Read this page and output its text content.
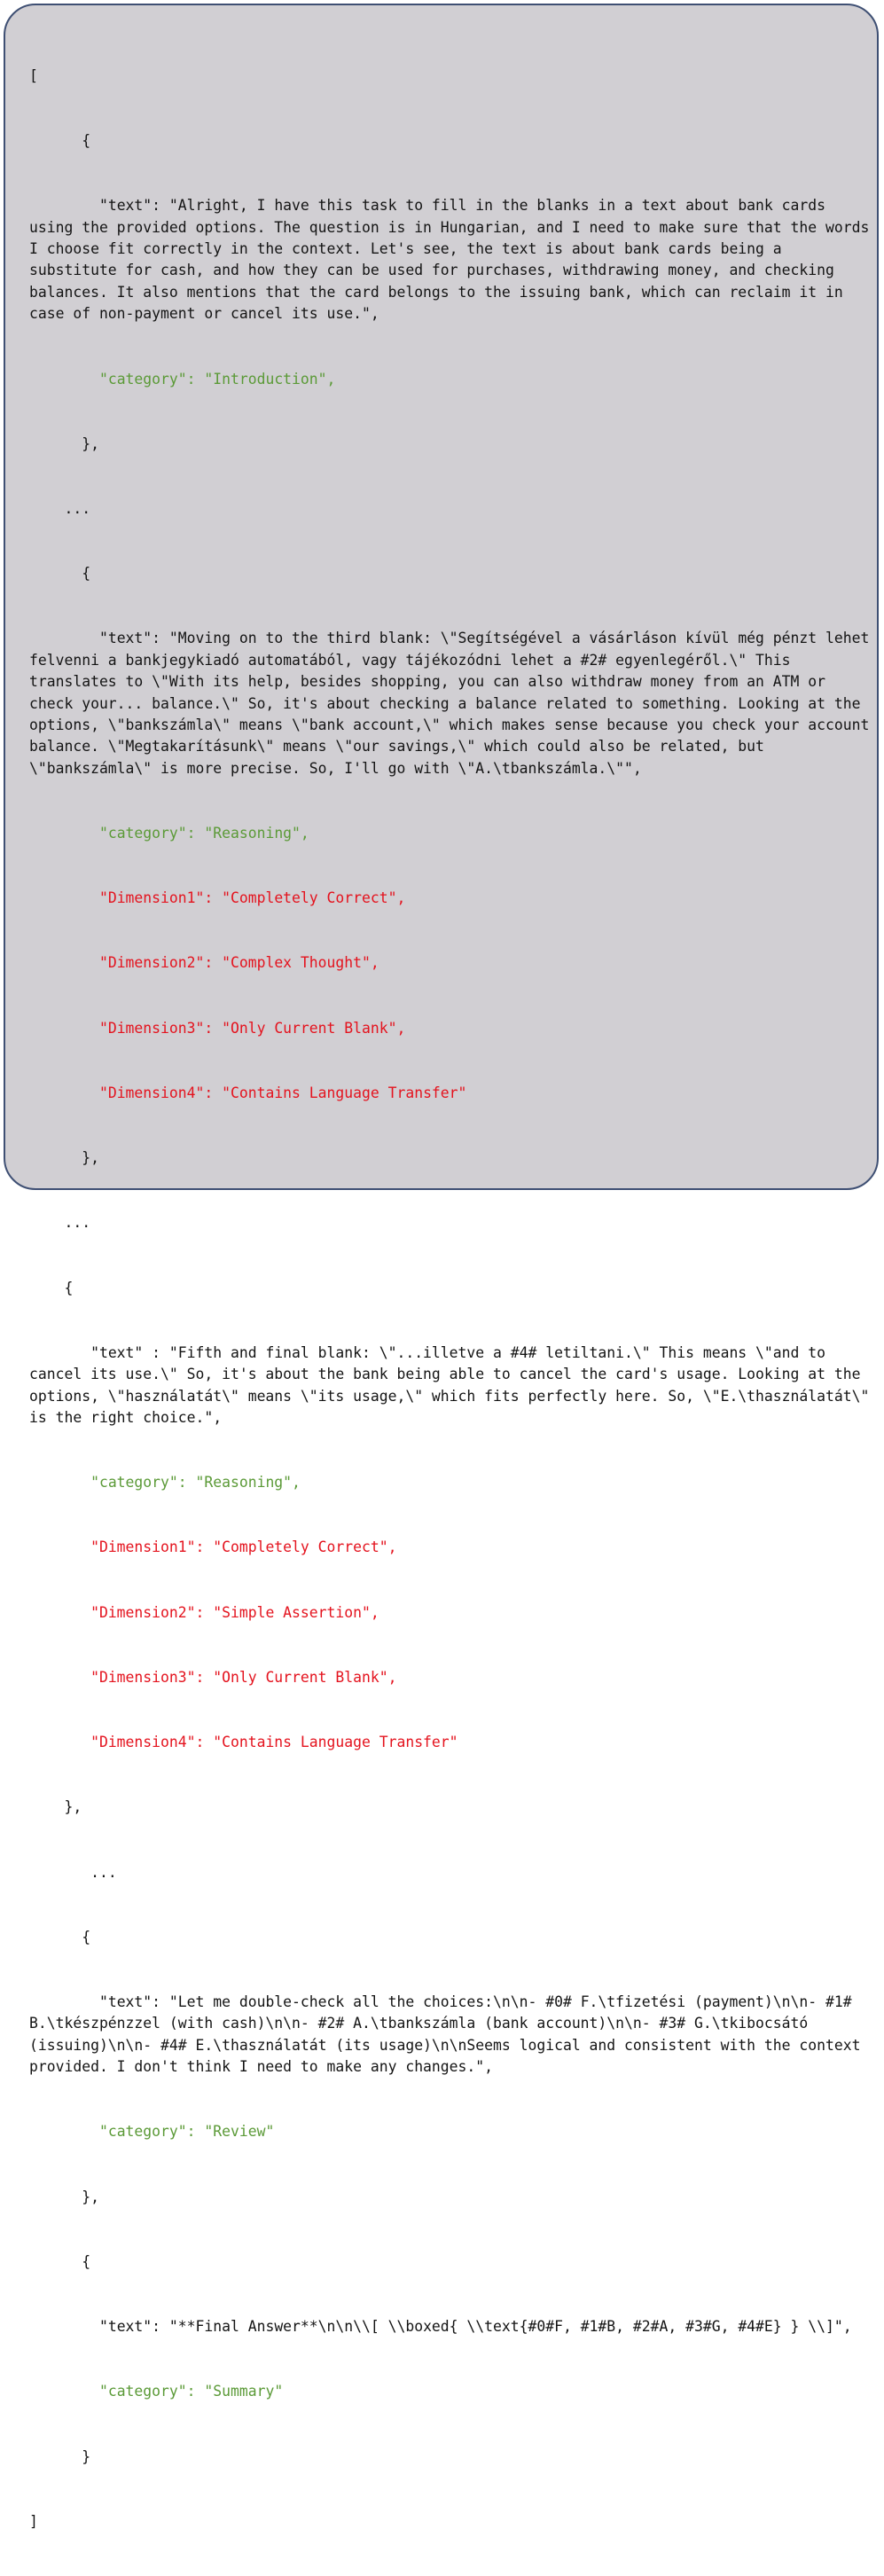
[

{

"text": "Alright, I have this task to fill in the blanks in a text about bank cards using the provided options. The question is in Hungarian, and I need to make sure that the words I choose fit correctly in the context. Let's see, the text is about bank cards being a substitute for cash, and how they can be used for purchases, withdrawing money, and checking balances. It also mentions that the card belongs to the issuing bank, which can reclaim it in case of non-payment or cancel its use.",

"category": "Introduction",

},

...

{

"text": "Moving on to the third blank: \"Segítségével a vásárláson kívül még pénzt lehet felvenni a bankjegykiadó automatából, vagy tájékozódni lehet a #2# egyenlegéről.\" This translates to \"With its help, besides shopping, you can also withdraw money from an ATM or check your... balance.\" So, it's about checking a balance related to something. Looking at the options, \"bankszámla\" means \"bank account,\" which makes sense because you check your account balance. \"Megtakarításunk\" means \"our savings,\" which could also be related, but \"bankszámla\" is more precise. So, I'll go with \"A.\tbankszámla.\"",

"category": "Reasoning",

"Dimension1": "Completely Correct",

"Dimension2": "Complex Thought",

"Dimension3": "Only Current Blank",

"Dimension4": "Contains Language Transfer"

},

...

{

"text" : "Fifth and final blank: \"...illetve a #4# letiltani.\" This means \"and to cancel its use.\" So, it's about the bank being able to cancel the card's usage. Looking at the options, \"használatát\" means \"its usage,\" which fits perfectly here. So, \"E.\thasználatát\" is the right choice.",

"category": "Reasoning",

"Dimension1": "Completely Correct",

"Dimension2": "Simple Assertion",

"Dimension3": "Only Current Blank",

"Dimension4": "Contains Language Transfer"

},

...

{

"text": "Let me double-check all the choices:\n\n- #0# F.\tfizetési (payment)\n\n- #1# B.\tkészpénzzel (with cash)\n\n- #2# A.\tbankszámla (bank account)\n\n- #3# G.\tkibocsátó (issuing)\n\n- #4# E.\thasználatát (its usage)\n\nSeems logical and consistent with the context provided. I don't think I need to make any changes.",

"category": "Review"

},

{

"text": "**Final Answer**\n\n\\[ \\boxed{ \\text{#0#F, #1#B, #2#A, #3#G, #4#E} } \\]",

"category": "Summary"

}

]
